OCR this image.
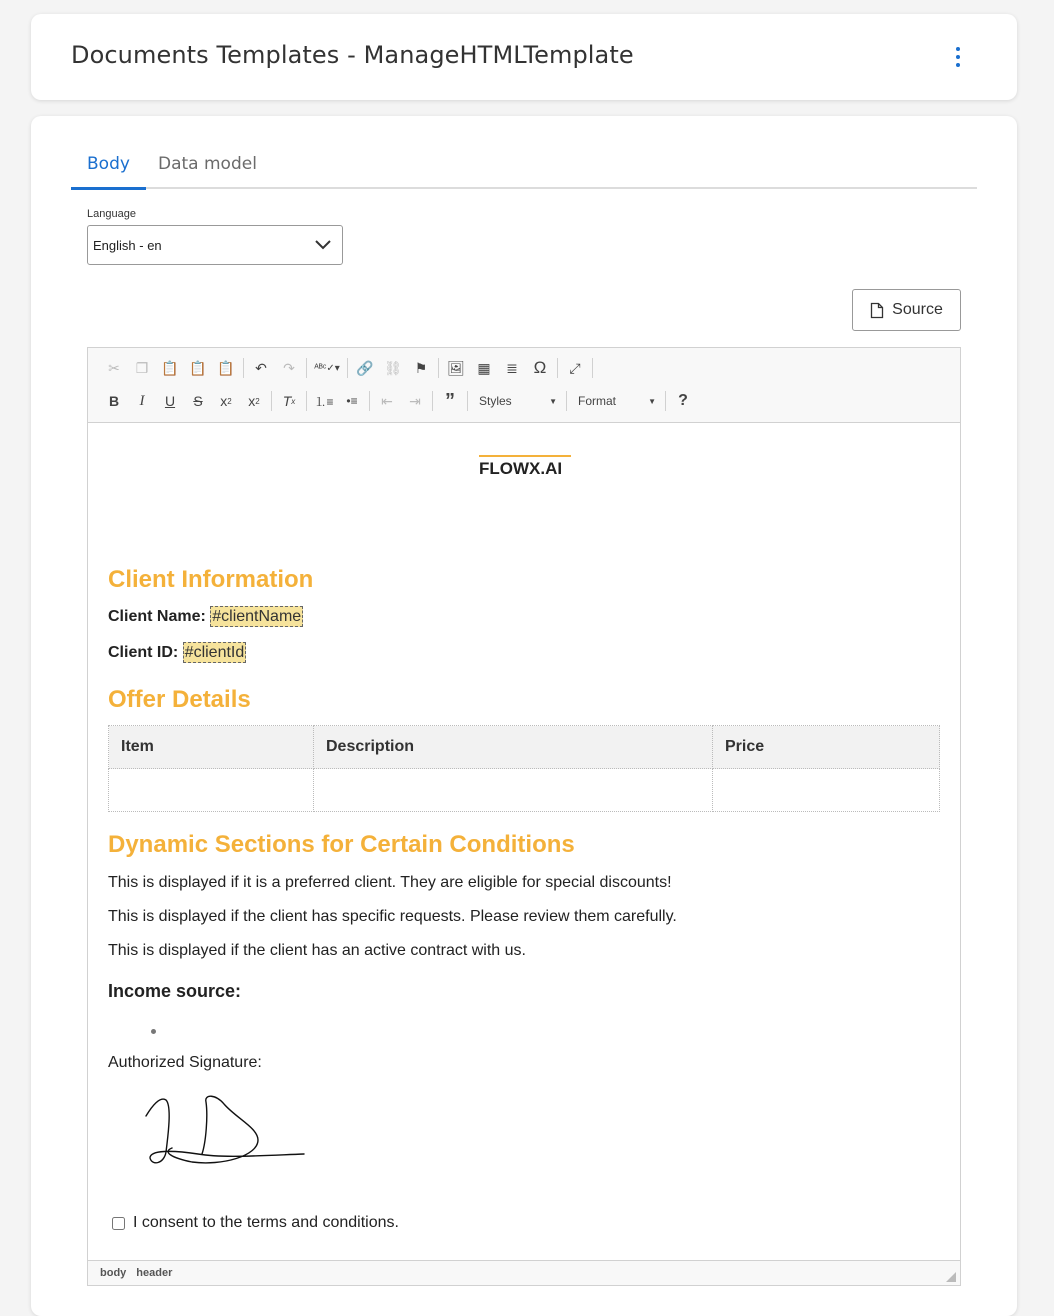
Documents Templates - ManageHTMLTemplate
Body	Data model
Language
English - en
Source
✂	❐ 📋 📋 📋	↶	↷	ᴬᴮᶜ✓▾	🔗 ⛓ ⚑	🖼 ▦	≣ Ω	⤢
B	I	U	S	x 2	x 2	T x	⒈≡	•≡	⇤	⇥	”	Styles	▼ Format	▼	?
FLOWX.AI
Client Information
Client Name: #clientName
Client ID: #clientId
Offer Details
Item	Description	Price

Dynamic Sections for Certain Conditions
This is displayed if it is a preferred client. They are eligible for special discounts!
This is displayed if the client has specific requests. Please review them carefully.
This is displayed if the client has an active contract with us.
Income source:
Authorized Signature:
I consent to the terms and conditions.
body header
